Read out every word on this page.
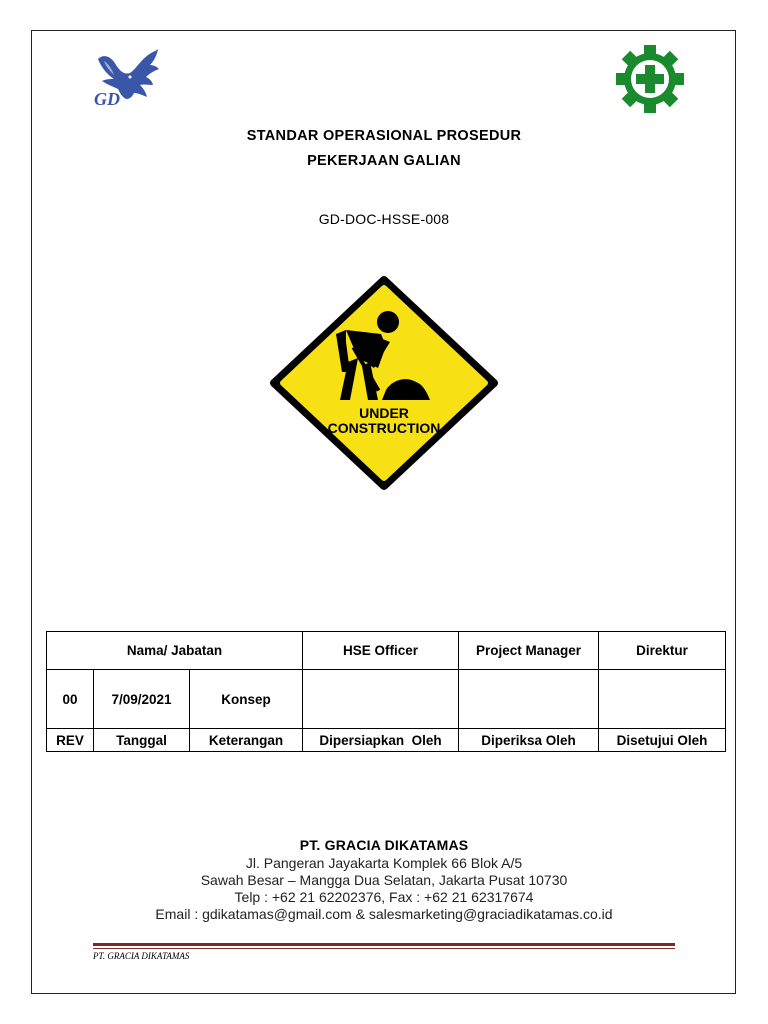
GD
STANDAR OPERASIONAL PROSEDUR
PEKERJAAN GALIAN
GD-DOC-HSSE-008
UNDER
CONSTRUCTION
Nama/ Jabatan			HSE Officer	Project Manager	Direktur
00	7/09/2021	Konsep			
REV	Tanggal	Keterangan	Dipersiapkan  Oleh	Diperiksa Oleh	Disetujui Oleh
PT. GRACIA DIKATAMAS
Jl. Pangeran Jayakarta Komplek 66 Blok A/5
Sawah Besar – Mangga Dua Selatan, Jakarta Pusat 10730
Telp : +62 21 62202376, Fax : +62 21 62317674
Email : gdikatamas@gmail.com & salesmarketing@graciadikatamas.co.id
PT. GRACIA DIKATAMAS
